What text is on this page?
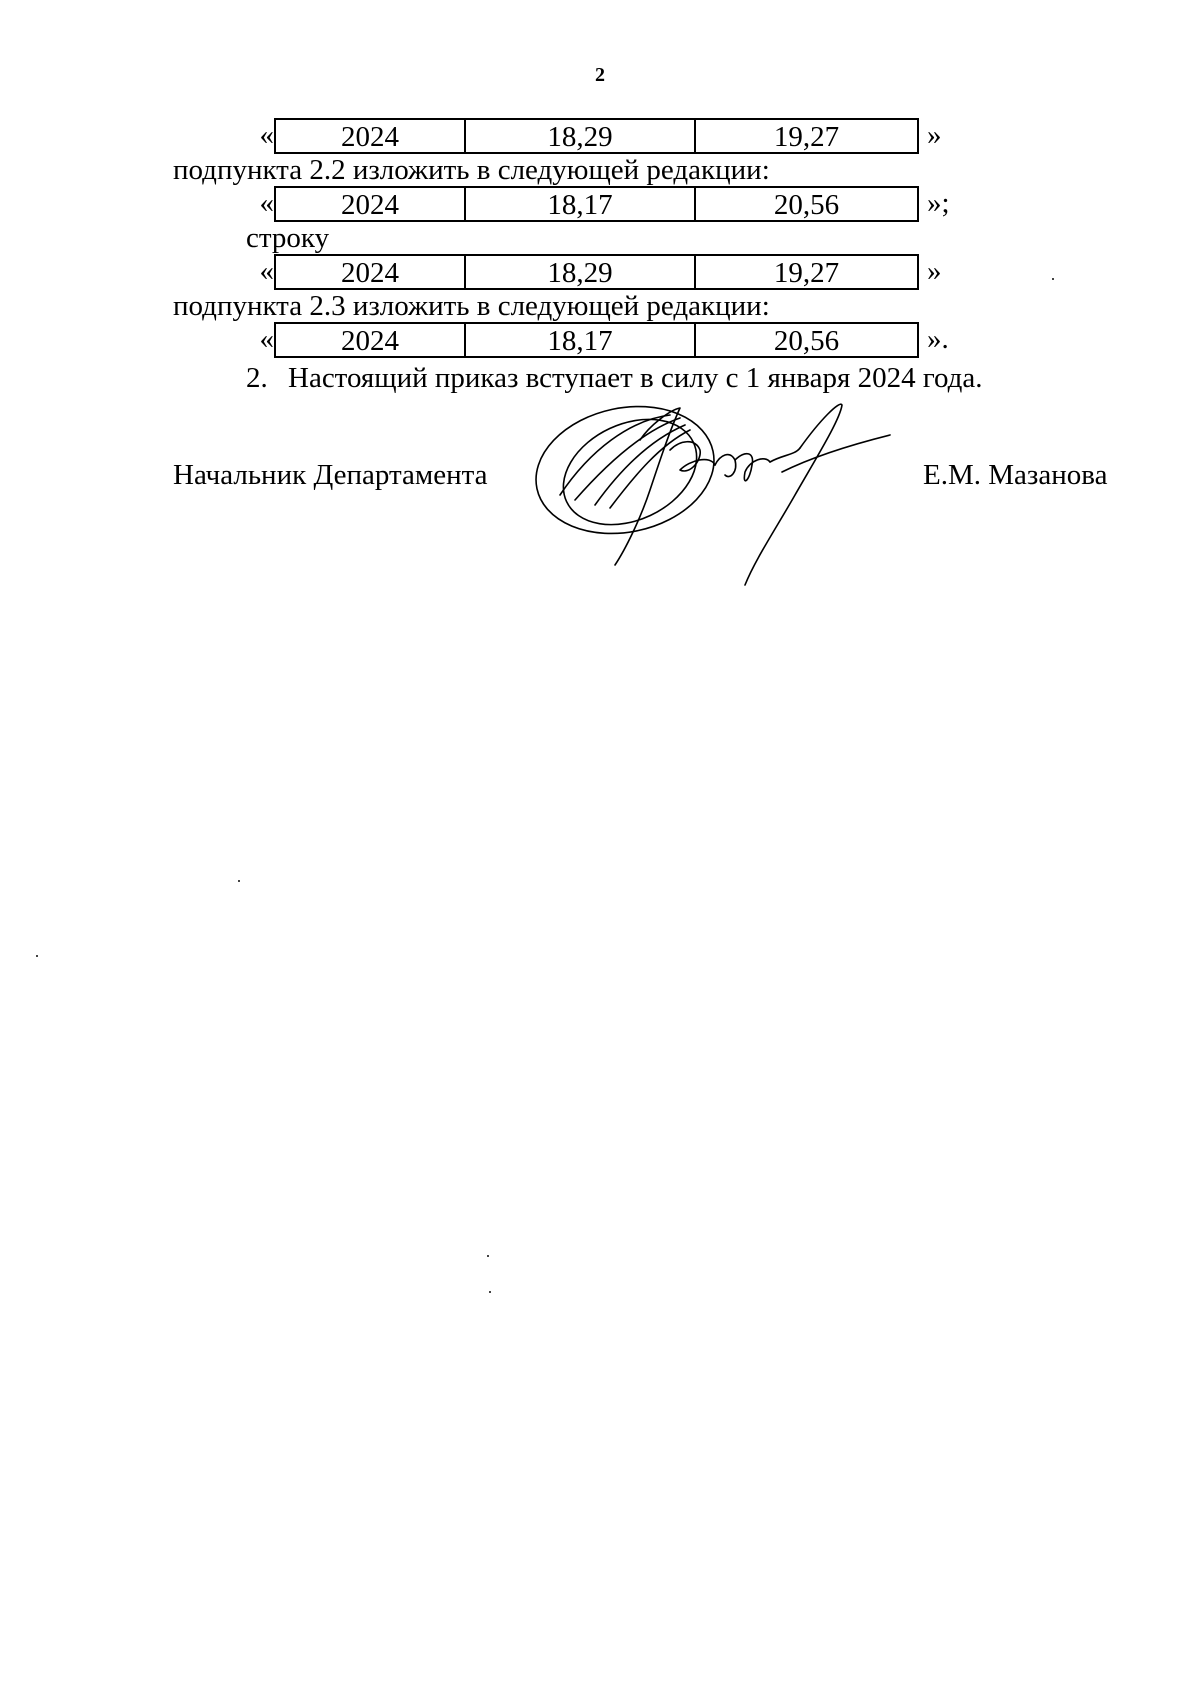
2
«	2024	18,29	19,27	»
подпункта 2.2 изложить в следующей редакции:
«	2024	18,17	20,56	»;
строку
«	2024	18,29	19,27	»
подпункта 2.3 изложить в следующей редакции:
«	2024	18,17	20,56	».
2. Настоящий приказ вступает в силу с 1 января 2024 года.
Начальник Департамента	Е.М. Мазанова
